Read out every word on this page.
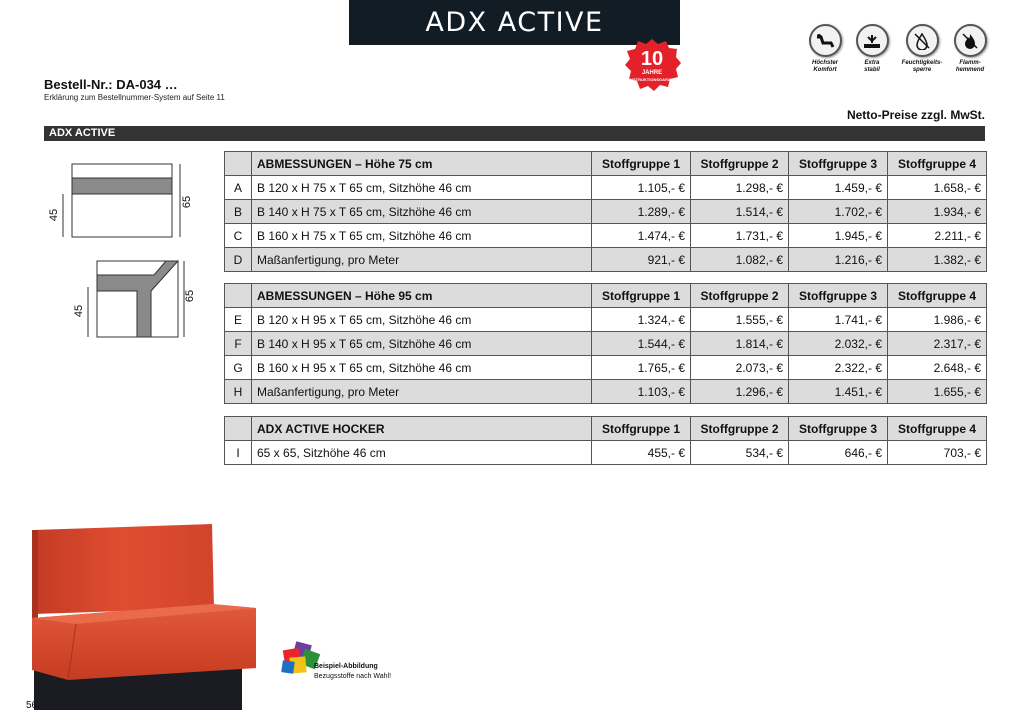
ADX ACTIVE
10
JAHRE
KONSTRUKTIONSGARANTIE
Höchster
Komfort
Extra
stabil
Feuchtigkeits-
sperre
Flamm-
hemmend
Bestell-Nr.: DA-034 …
Erklärung zum Bestellnummer-System auf Seite 11
Netto-Preise zzgl. MwSt.
ADX ACTIVE
45
65
45
65
	ABMESSUNGEN – Höhe 75 cm	Stoffgruppe 1	Stoffgruppe 2	Stoffgruppe 3	Stoffgruppe 4
A	B 120 x H 75 x T 65 cm, Sitzhöhe 46 cm	1.105,- €	1.298,- €	1.459,- €	1.658,- €
B	B 140 x H 75 x T 65 cm, Sitzhöhe 46 cm	1.289,- €	1.514,- €	1.702,- €	1.934,- €
C	B 160 x H 75 x T 65 cm, Sitzhöhe 46 cm	1.474,- €	1.731,- €	1.945,- €	2.211,- €
D	Maßanfertigung, pro Meter	921,- €	1.082,- €	1.216,- €	1.382,- €
	ABMESSUNGEN – Höhe 95 cm	Stoffgruppe 1	Stoffgruppe 2	Stoffgruppe 3	Stoffgruppe 4
E	B 120 x H 95 x T 65 cm, Sitzhöhe 46 cm	1.324,- €	1.555,- €	1.741,- €	1.986,- €
F	B 140 x H 95 x T 65 cm, Sitzhöhe 46 cm	1.544,- €	1.814,- €	2.032,- €	2.317,- €
G	B 160 x H 95 x T 65 cm, Sitzhöhe 46 cm	1.765,- €	2.073,- €	2.322,- €	2.648,- €
H	Maßanfertigung, pro Meter	1.103,- €	1.296,- €	1.451,- €	1.655,- €
	ADX ACTIVE HOCKER	Stoffgruppe 1	Stoffgruppe 2	Stoffgruppe 3	Stoffgruppe 4
I	65 x 65, Sitzhöhe 46 cm	455,- €	534,- €	646,- €	703,- €
Beispiel-Abbildung
Bezugsstoffe nach Wahl!
56
